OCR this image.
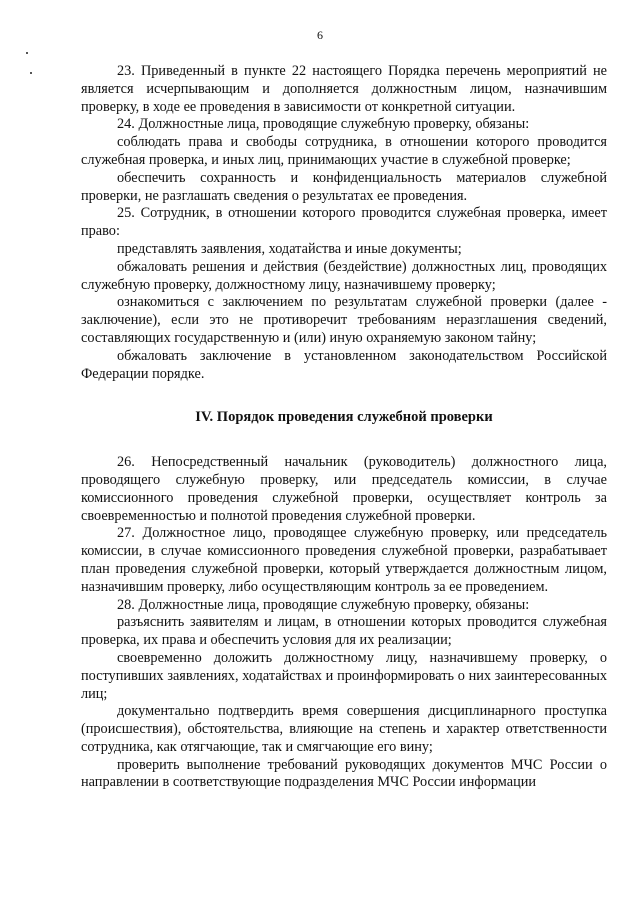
6

23. Приведенный в пункте 22 настоящего Порядка перечень мероприятий не является исчерпывающим и дополняется должностным лицом, назначившим проверку, в ходе ее проведения в зависимости от конкретной ситуации.

24. Должностные лица, проводящие служебную проверку, обязаны:

соблюдать права и свободы сотрудника, в отношении которого проводится служебная проверка, и иных лиц, принимающих участие в служебной проверке;

обеспечить сохранность и конфиденциальность материалов служебной проверки, не разглашать сведения о результатах ее проведения.

25. Сотрудник, в отношении которого проводится служебная проверка, имеет право:

представлять заявления, ходатайства и иные документы;

обжаловать решения и действия (бездействие) должностных лиц, проводящих служебную проверку, должностному лицу, назначившему проверку;

ознакомиться с заключением по результатам служебной проверки (далее - заключение), если это не противоречит требованиям неразглашения сведений, составляющих государственную и (или) иную охраняемую законом тайну;

обжаловать заключение в установленном законодательством Российской Федерации порядке.

IV. Порядок проведения служебной проверки

26. Непосредственный начальник (руководитель) должностного лица, проводящего служебную проверку, или председатель комиссии, в случае комиссионного проведения служебной проверки, осуществляет контроль за своевременностью и полнотой проведения служебной проверки.

27. Должностное лицо, проводящее служебную проверку, или председатель комиссии, в случае комиссионного проведения служебной проверки, разрабатывает план проведения служебной проверки, который утверждается должностным лицом, назначившим проверку, либо осуществляющим контроль за ее проведением.

28. Должностные лица, проводящие служебную проверку, обязаны:

разъяснить заявителям и лицам, в отношении которых проводится служебная проверка, их права и обеспечить условия для их реализации;

своевременно доложить должностному лицу, назначившему проверку, о поступивших заявлениях, ходатайствах и проинформировать о них заинтересованных лиц;

документально подтвердить время совершения дисциплинарного проступка (происшествия), обстоятельства, влияющие на степень и характер ответственности сотрудника, как отягчающие, так и смягчающие его вину;

проверить выполнение требований руководящих документов МЧС России о направлении в соответствующие подразделения МЧС России информации
